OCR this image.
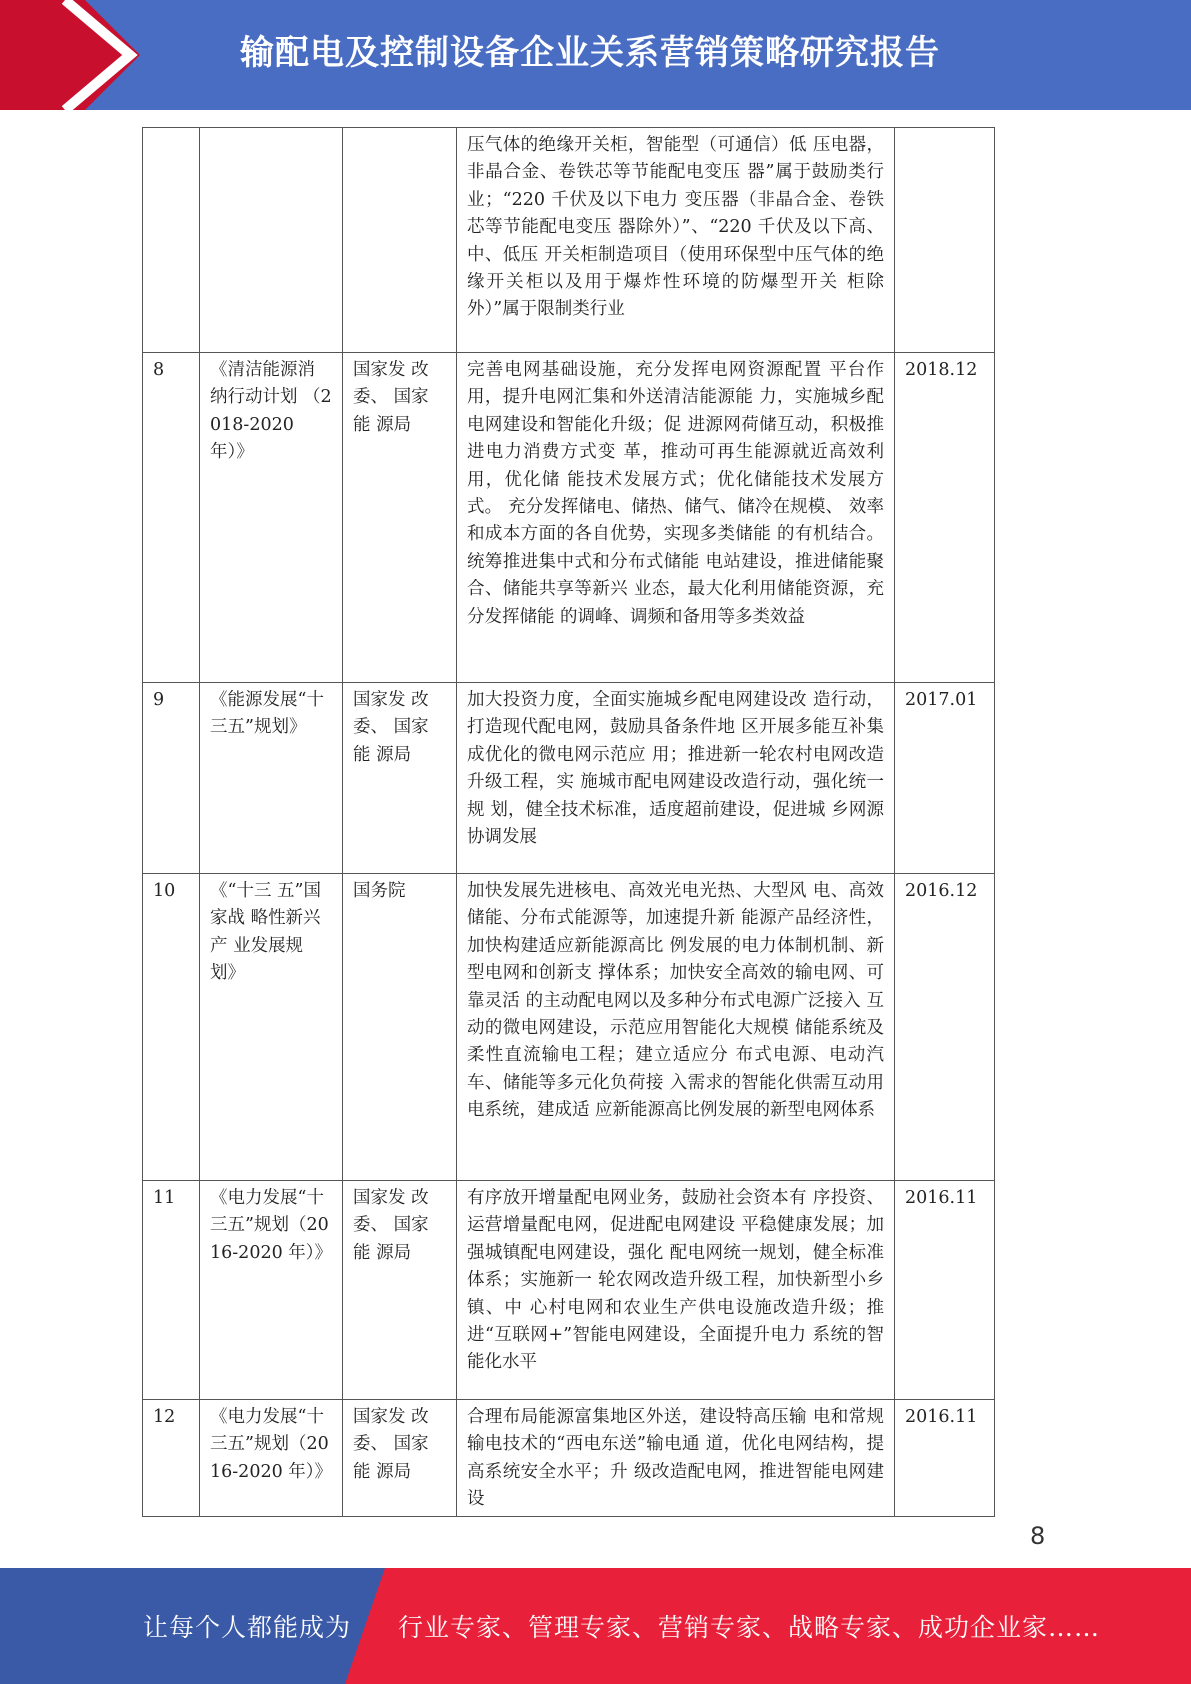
输配电及控制设备企业关系营销策略研究报告
			压气体的绝缘开关柜，智能型（可通信）低 压电器，非晶合金、卷铁芯等节能配电变压 器”属于鼓励类行业；“220 千伏及以下电力 变压器（非晶合金、卷铁芯等节能配电变压 器除外）”、“220 千伏及以下高、中、低压 开关柜制造项目（使用环保型中压气体的绝 缘开关柜以及用于爆炸性环境的防爆型开关 柜除外）”属于限制类行业	
8	《清洁能源消纳行动计划 （2018-2020 年）》	国家发 改委、 国家能 源局	完善电网基础设施，充分发挥电网资源配置 平台作用，提升电网汇集和外送清洁能源能 力，实施城乡配电网建设和智能化升级；促 进源网荷储互动，积极推进电力消费方式变 革，推动可再生能源就近高效利用，优化储 能技术发展方式；优化储能技术发展方式。 充分发挥储电、储热、储气、储冷在规模、 效率和成本方面的各自优势，实现多类储能 的有机结合。统筹推进集中式和分布式储能 电站建设，推进储能聚合、储能共享等新兴 业态，最大化利用储能资源，充分发挥储能 的调峰、调频和备用等多类效益	2018.12
9	《能源发展“十三五”规划》	国家发 改委、 国家能 源局	加大投资力度，全面实施城乡配电网建设改 造行动，打造现代配电网，鼓励具备条件地 区开展多能互补集成优化的微电网示范应 用；推进新一轮农村电网改造升级工程，实 施城市配电网建设改造行动，强化统一规 划，健全技术标准，适度超前建设，促进城 乡网源协调发展	2017.01
10	《“十三 五”国家战 略性新兴产 业发展规 划》	国务院	加快发展先进核电、高效光电光热、大型风 电、高效储能、分布式能源等，加速提升新 能源产品经济性，加快构建适应新能源高比 例发展的电力体制机制、新型电网和创新支 撑体系；加快安全高效的输电网、可靠灵活 的主动配电网以及多种分布式电源广泛接入 互动的微电网建设，示范应用智能化大规模 储能系统及柔性直流输电工程；建立适应分 布式电源、电动汽车、储能等多元化负荷接 入需求的智能化供需互动用电系统，建成适 应新能源高比例发展的新型电网体系	2016.12
11	《电力发展“十三五”规划（2016-2020 年）》	国家发 改委、 国家能 源局	有序放开增量配电网业务，鼓励社会资本有 序投资、运营增量配电网，促进配电网建设 平稳健康发展；加强城镇配电网建设，强化 配电网统一规划，健全标准体系；实施新一 轮农网改造升级工程，加快新型小乡镇、中 心村电网和农业生产供电设施改造升级；推 进“互联网+”智能电网建设，全面提升电力 系统的智能化水平	2016.11
12	《电力发展“十三五”规划（2016-2020 年）》	国家发 改委、 国家能 源局	合理布局能源富集地区外送，建设特高压输 电和常规输电技术的“西电东送”输电通 道，优化电网结构，提高系统安全水平；升 级改造配电网，推进智能电网建设	2016.11
8
让每个人都能成为 行业专家、管理专家、营销专家、战略专家、成功企业家……
